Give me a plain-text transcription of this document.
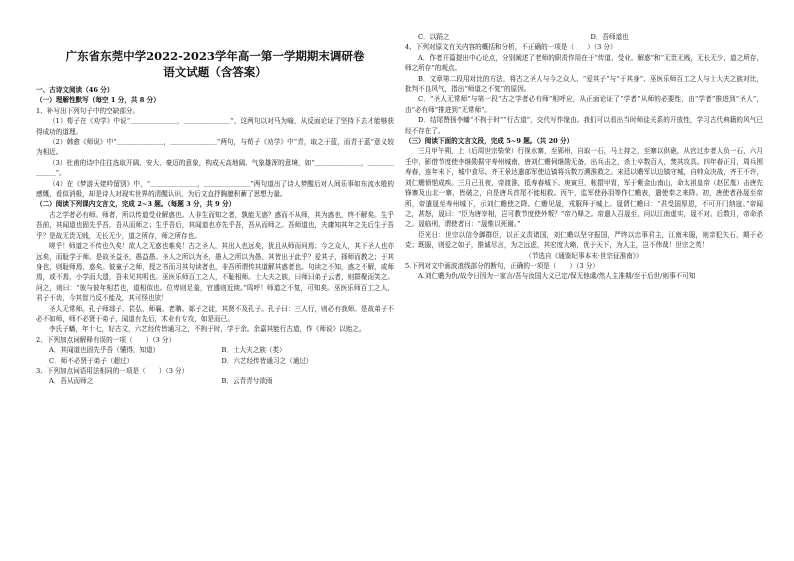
广东省东莞中学2022-2023学年高一第一学期期末调研卷
语文试题（含答案）

一、古诗文阅读（46 分）

（一）理解性默写（每空 1 分，共 8 分）

1、补写出下列句子中的空缺部分。

（1）荀子在《劝学》中说“＿＿＿＿＿＿＿，＿＿＿＿＿＿＿”，这两句以对马为喻，从反面论证了坚持下去才能够获得成功的道理。

（2）韩愈《师说》中“＿＿＿＿＿＿＿，＿＿＿＿＿＿＿”两句，与荀子《劝学》中“青，取之于蓝，而青于蓝”意义较为相近。

（3）杜甫的诗中往往选取开阔、安大、豪迈的意象，构成天高地阔、气象雄浑的意境，如“＿＿＿＿＿＿＿，＿＿＿＿＿＿＿”。

（4）在《梦游天姥吟留别》中，“＿＿＿＿＿＿＿，＿＿＿＿＿＿＿”两句道出了诗人梦醒后对人间乐事如东流水般的感慨，看似消极，却是诗人对现实世界的清醒认识，为后文直抒胸臆积蓄了思想力量。

（二）阅读下列课内文言文，完成 2~3 题。（每题 3 分，共 9 分）

古之学者必有师。师者，所以传道受业解惑也。人非生而知之者，孰能无惑？惑而不从师，其为惑也，终不解矣。生乎吾前，其闻道也固先乎吾，吾从而师之；生乎吾后，其闻道也亦先乎吾，吾从而师之。吾师道也，夫庸知其年之先后生于吾乎？是故无贵无贱，无长无少，道之所存，师之所存也。

嗟乎！师道之不传也久矣！欲人之无惑也难矣！古之圣人，其出人也远矣，犹且从师而问焉；今之众人，其下圣人也亦远矣，而耻学于师。是故圣益圣，愚益愚。圣人之所以为圣，愚人之所以为愚，其皆出于此乎？爱其子，择师而教之；于其身也，则耻师焉，惑矣。彼童子之师，授之书而习其句读者也，非吾所谓传其道解其惑者也。句读之不知，惑之不解，或师焉，或不焉，小学而大遗，吾未见其明也。巫医乐师百工之人，不耻相师。士大夫之族，曰师曰弟子云者，则群聚而笑之。问之，则曰：“彼与彼年相若也，道相似也。位卑则足羞，官盛则近谀。”呜呼！师道之不复，可知矣。巫医乐师百工之人，君子不齿，今其智乃反不能及，其可怪也欤！

圣人无常师。孔子师郯子、苌弘、师襄、老聃。郯子之徒，其贤不及孔子。孔子曰：三人行，则必有我师。是故弟子不必不如师，师不必贤于弟子，闻道有先后，术业有专攻，如是而已。

李氏子蟠，年十七，好古文，六艺经传皆通习之，不拘于时，学于余。余嘉其能行古道，作《师说》以贻之。

2、下列加点词解释有误的一项（　　）（3 分）

A．其闻道也固先乎吾（懂得，知道）	B．士大夫之族（类）
C．师不必贤于弟子（超过）	D．六艺经传皆通习之（通过）

3、下列加点词语用法相同的一项是（　　）（3 分）

A．吾从而师之	B．云青青兮欲雨
C．以蹈之	D．吾师道也

4、下列对原文有关内容的概括和分析，不正确的一项是（　　）（3 分）

A．作者开篇提出中心论点，分别阐述了老师的职责作用在于“传道、受业、解惑”和“无贵无贱，无长无少，道之所存，师之所存”的观点。

B．文章第二段用对比的方法，将古之圣人与今之众人、“爱其子”与“于其身”、巫医乐师百工之人与士大夫之族对比，批判不良风气，指出“师道之不复”的原因。

C．“圣人无常师”与第一段“古之学者必有师”相呼应，从正面论证了“学者”从师的必要性，由“学者”推进到“圣人”，由“必有师”推进到“无常师”。

D．结尾赞扬李蟠“不拘于时”“行古道”，交代写作缘由。我们可以看出当时师徒关系的开放性，学习古代典籍的风气已经不存在了。

（三）阅读下面的文言文段，完成 5~9 题。（共 20 分）

三月甲午朔，上（后周世宗柴荣）行视水寨，至郢州，自取一石，马上持之，至寨以供砲，从官过步者人负一石，六月壬申，影借节度使李继勋据守寿州城南，唐刘仁赡伺继勋无备，出兵击之，杀士卒数百人，焚其攻具。四年春正月，周兵围寿春，连年未下，城中食尽。齐王景达遣部军使边镐将兵数万溯淮救之。宋廷以赡军以边镐守城，自帅众决战，齐王不许，刘仁赡愤悒成疾。三月己丑夜，帝渡淮，抵寿春城下。庚寅旦，帐擐甲胄，军于紫金山南山，命太祖皇帝（赵匡胤）击唐先锋寨及山北一寨，皆破之，自是唐兵首尾不能相救。丙午，监军使孙羽等作仁赡表，遣使奉之来降。初，唐使者孙晟至帝所，帝遣晟至寿州城下，示刘仁赡使之降。仁赡见晟，戎服拜于城上。晟谓仁赡曰：“君受国厚恩，不可开门纳寇。”帝闻之，甚怒，晟曰：“臣为唐宰相，岂可教节度使外叛？”帝乃释之。帝遣人召晟至，问以江南虚实，晟不对。后数月，帝命杀之。晟临刑，谓使者曰：“晟惟以死谢。”

臣光日：世宗以信令御群臣，以正义责诸国，刘仁赡以坚守报国，严终以忠事君主，江南未服，则亲犯矢石，期于必克；既服，则爱之如子，推诚尽言，为之远虑，其宏度大略，优于天下，为人主，岂不伟哉！世宗之英！

（节选自《通鉴纪事本末·世宗征淮南》）

5.下列对文中画波浪线部分的断句，正确的一项是（　　）（3 分）

A.刘仁赡为仇/故令日因为一家言/吾与汝国大义已定/保无他虞/然人主准期/至于后世/则事不可知
